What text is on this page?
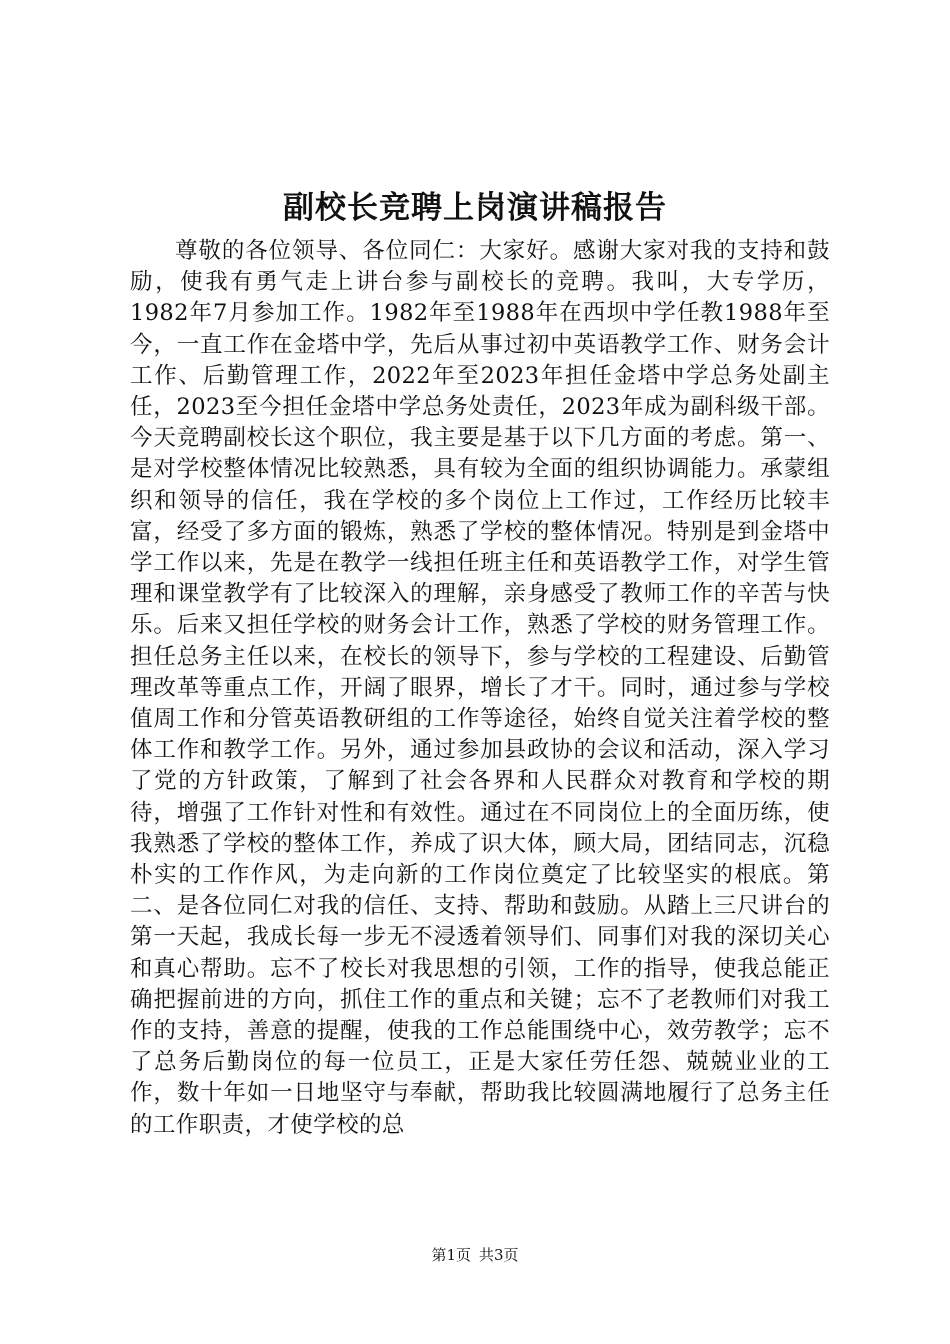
副校长竞聘上岗演讲稿报告

尊敬的各位领导、各位同仁：大家好。感谢大家对我的支持和鼓励，使我有勇气走上讲台参与副校长的竞聘。我叫，大专学历，1982年7月参加工作。1982年至1988年在西坝中学任教1988年至今，一直工作在金塔中学，先后从事过初中英语教学工作、财务会计工作、后勤管理工作，2022年至2023年担任金塔中学总务处副主任，2023至今担任金塔中学总务处责任，2023年成为副科级干部。今天竞聘副校长这个职位，我主要是基于以下几方面的考虑。第一、是对学校整体情况比较熟悉，具有较为全面的组织协调能力。承蒙组织和领导的信任，我在学校的多个岗位上工作过，工作经历比较丰富，经受了多方面的锻炼，熟悉了学校的整体情况。特别是到金塔中学工作以来，先是在教学一线担任班主任和英语教学工作，对学生管理和课堂教学有了比较深入的理解，亲身感受了教师工作的辛苦与快乐。后来又担任学校的财务会计工作，熟悉了学校的财务管理工作。担任总务主任以来，在校长的领导下，参与学校的工程建设、后勤管理改革等重点工作，开阔了眼界，增长了才干。同时，通过参与学校值周工作和分管英语教研组的工作等途径，始终自觉关注着学校的整体工作和教学工作。另外，通过参加县政协的会议和活动，深入学习了党的方针政策，了解到了社会各界和人民群众对教育和学校的期待，增强了工作针对性和有效性。通过在不同岗位上的全面历练，使我熟悉了学校的整体工作，养成了识大体，顾大局，团结同志，沉稳朴实的工作作风，为走向新的工作岗位奠定了比较坚实的根底。第二、是各位同仁对我的信任、支持、帮助和鼓励。从踏上三尺讲台的第一天起，我成长每一步无不浸透着领导们、同事们对我的深切关心和真心帮助。忘不了校长对我思想的引领，工作的指导，使我总能正确把握前进的方向，抓住工作的重点和关键；忘不了老教师们对我工作的支持，善意的提醒，使我的工作总能围绕中心，效劳教学；忘不了总务后勤岗位的每一位员工，正是大家任劳任怨、兢兢业业的工作，数十年如一日地坚守与奉献，帮助我比较圆满地履行了总务主任的工作职责，才使学校的总

第1页 共3页
